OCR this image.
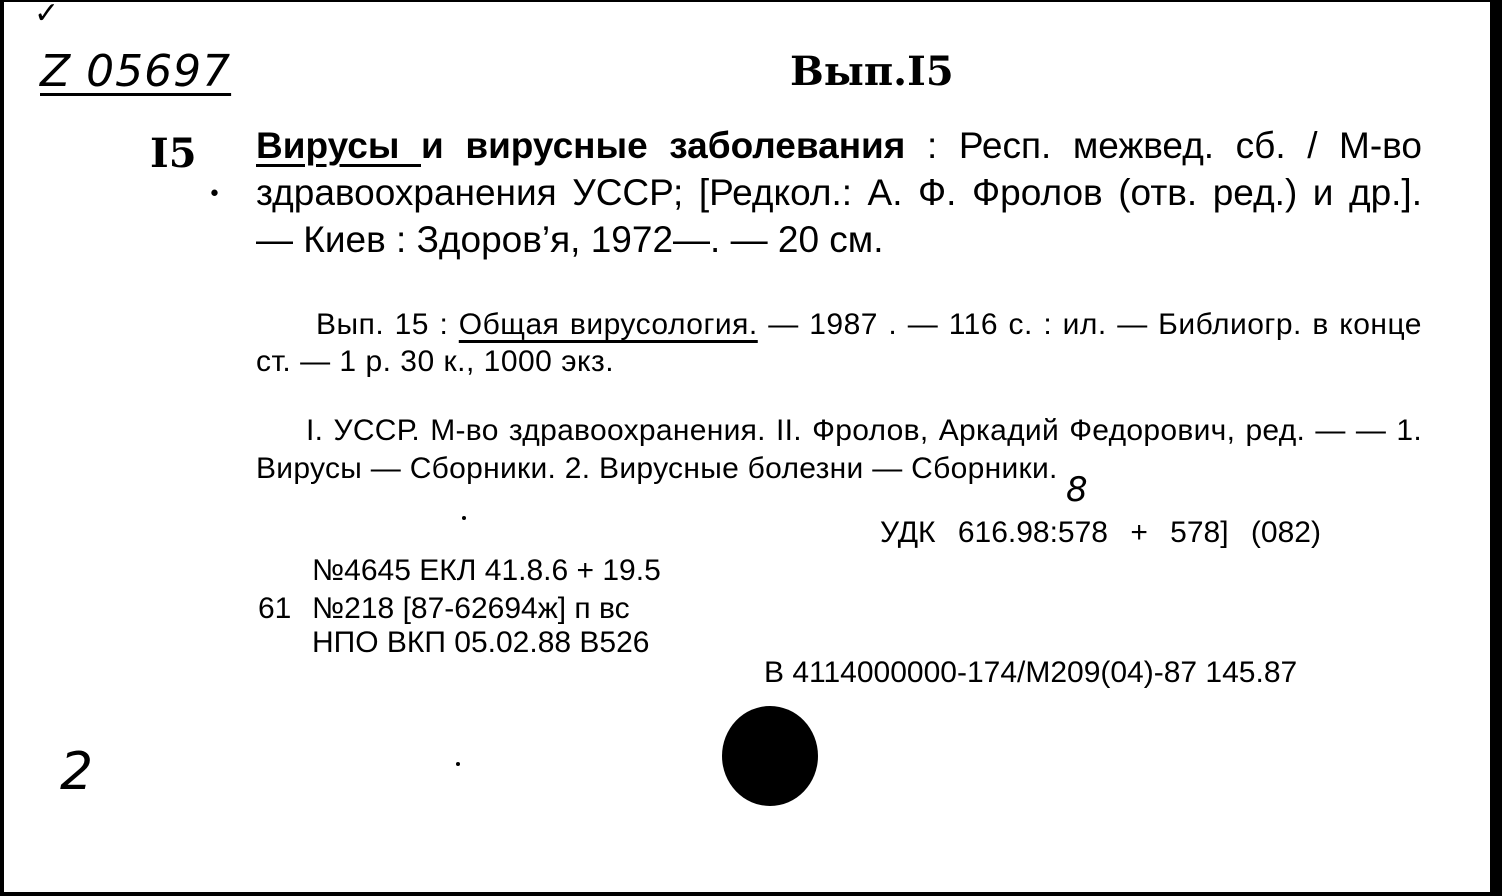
✓
Z 05697	Вып.I5
I5
•
Вирусы и вирусные заболевания : Респ. межвед. сб. / М-во здравоохранения УССР; [Редкол.: А. Ф. Фролов (отв. ред.) и др.]. — Киев : Здоров’я, 1972—. — 20 см.
Вып. 15 : Общая вирусология. — 1987 . — 116 с. : ил. — Библиогр. в конце ст. — 1 р. 30 к., 1000 экз.
I. УССР. М-во здравоохранения. II. Фролов, Аркадий Федорович, ред. — — 1. Вирусы — Сборники. 2. Вирусные болезни — Сборники.
8
УДК 616.98:578 + 578] (082)
№4645 ЕКЛ 41.8.6 + 19.5
61 №218 [87-62694ж] п вс
НПО ВКП 05.02.88 В526
В 4114000000-174/М209(04)-87 145.87
2
